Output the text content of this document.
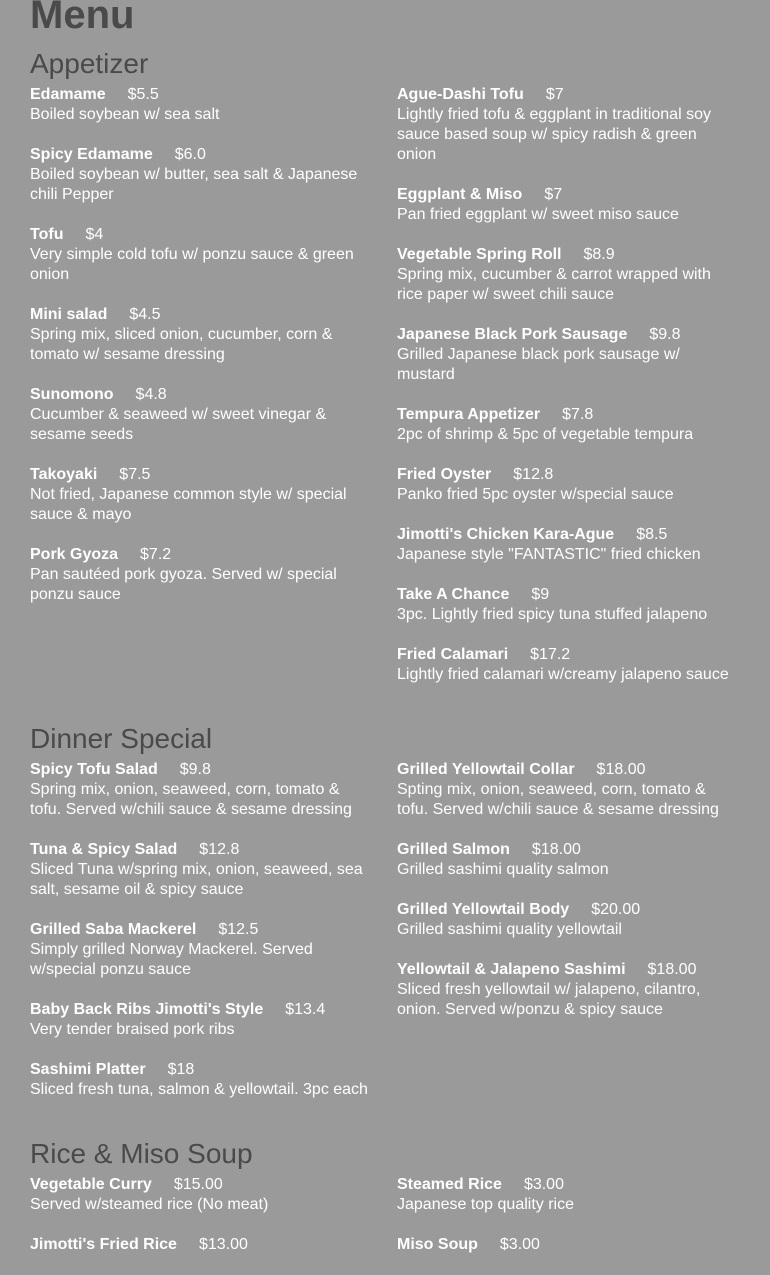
Menu
Appetizer
Edamame $5.5
Boiled soybean w/ sea salt
Spicy Edamame $6.0
Boiled soybean w/ butter, sea salt & Japanese chili Pepper
Tofu $4
Very simple cold tofu w/ ponzu sauce & green onion
Mini salad $4.5
Spring mix, sliced onion, cucumber, corn & tomato w/ sesame dressing
Sunomono $4.8
Cucumber & seaweed w/ sweet vinegar & sesame seeds
Takoyaki $7.5
Not fried, Japanese common style w/ special sauce & mayo
Pork Gyoza $7.2
Pan sautéed pork gyoza. Served w/ special ponzu sauce
Ague-Dashi Tofu $7
Lightly fried tofu & eggplant in traditional soy sauce based soup w/ spicy radish & green onion
Eggplant & Miso $7
Pan fried eggplant w/ sweet miso sauce
Vegetable Spring Roll $8.9
Spring mix, cucumber & carrot wrapped with rice paper w/ sweet chili sauce
Japanese Black Pork Sausage $9.8
Grilled Japanese black pork sausage w/ mustard
Tempura Appetizer $7.8
2pc of shrimp & 5pc of vegetable tempura
Fried Oyster $12.8
Panko fried 5pc oyster w/special sauce
Jimotti's Chicken Kara-Ague $8.5
Japanese style "FANTASTIC" fried chicken
Take A Chance $9
3pc. Lightly fried spicy tuna stuffed jalapeno
Fried Calamari $17.2
Lightly fried calamari w/creamy jalapeno sauce
Dinner Special
Spicy Tofu Salad $9.8
Spring mix, onion, seaweed, corn, tomato & tofu. Served w/chili sauce & sesame dressing
Tuna & Spicy Salad $12.8
Sliced Tuna w/spring mix, onion, seaweed, sea salt, sesame oil & spicy sauce
Grilled Saba Mackerel $12.5
Simply grilled Norway Mackerel. Served w/special ponzu sauce
Baby Back Ribs Jimotti's Style $13.4
Very tender braised pork ribs
Sashimi Platter $18
Sliced fresh tuna, salmon & yellowtail. 3pc each
Grilled Yellowtail Collar $18.00
Spting mix, onion, seaweed, corn, tomato & tofu. Served w/chili sauce & sesame dressing
Grilled Salmon $18.00
Grilled sashimi quality salmon
Grilled Yellowtail Body $20.00
Grilled sashimi quality yellowtail
Yellowtail & Jalapeno Sashimi $18.00
Sliced fresh yellowtail w/ jalapeno, cilantro, onion. Served w/ponzu & spicy sauce
Rice & Miso Soup
Vegetable Curry $15.00
Served w/steamed rice (No meat)
Jimotti's Fried Rice $13.00
Steamed Rice $3.00
Japanese top quality rice
Miso Soup $3.00
